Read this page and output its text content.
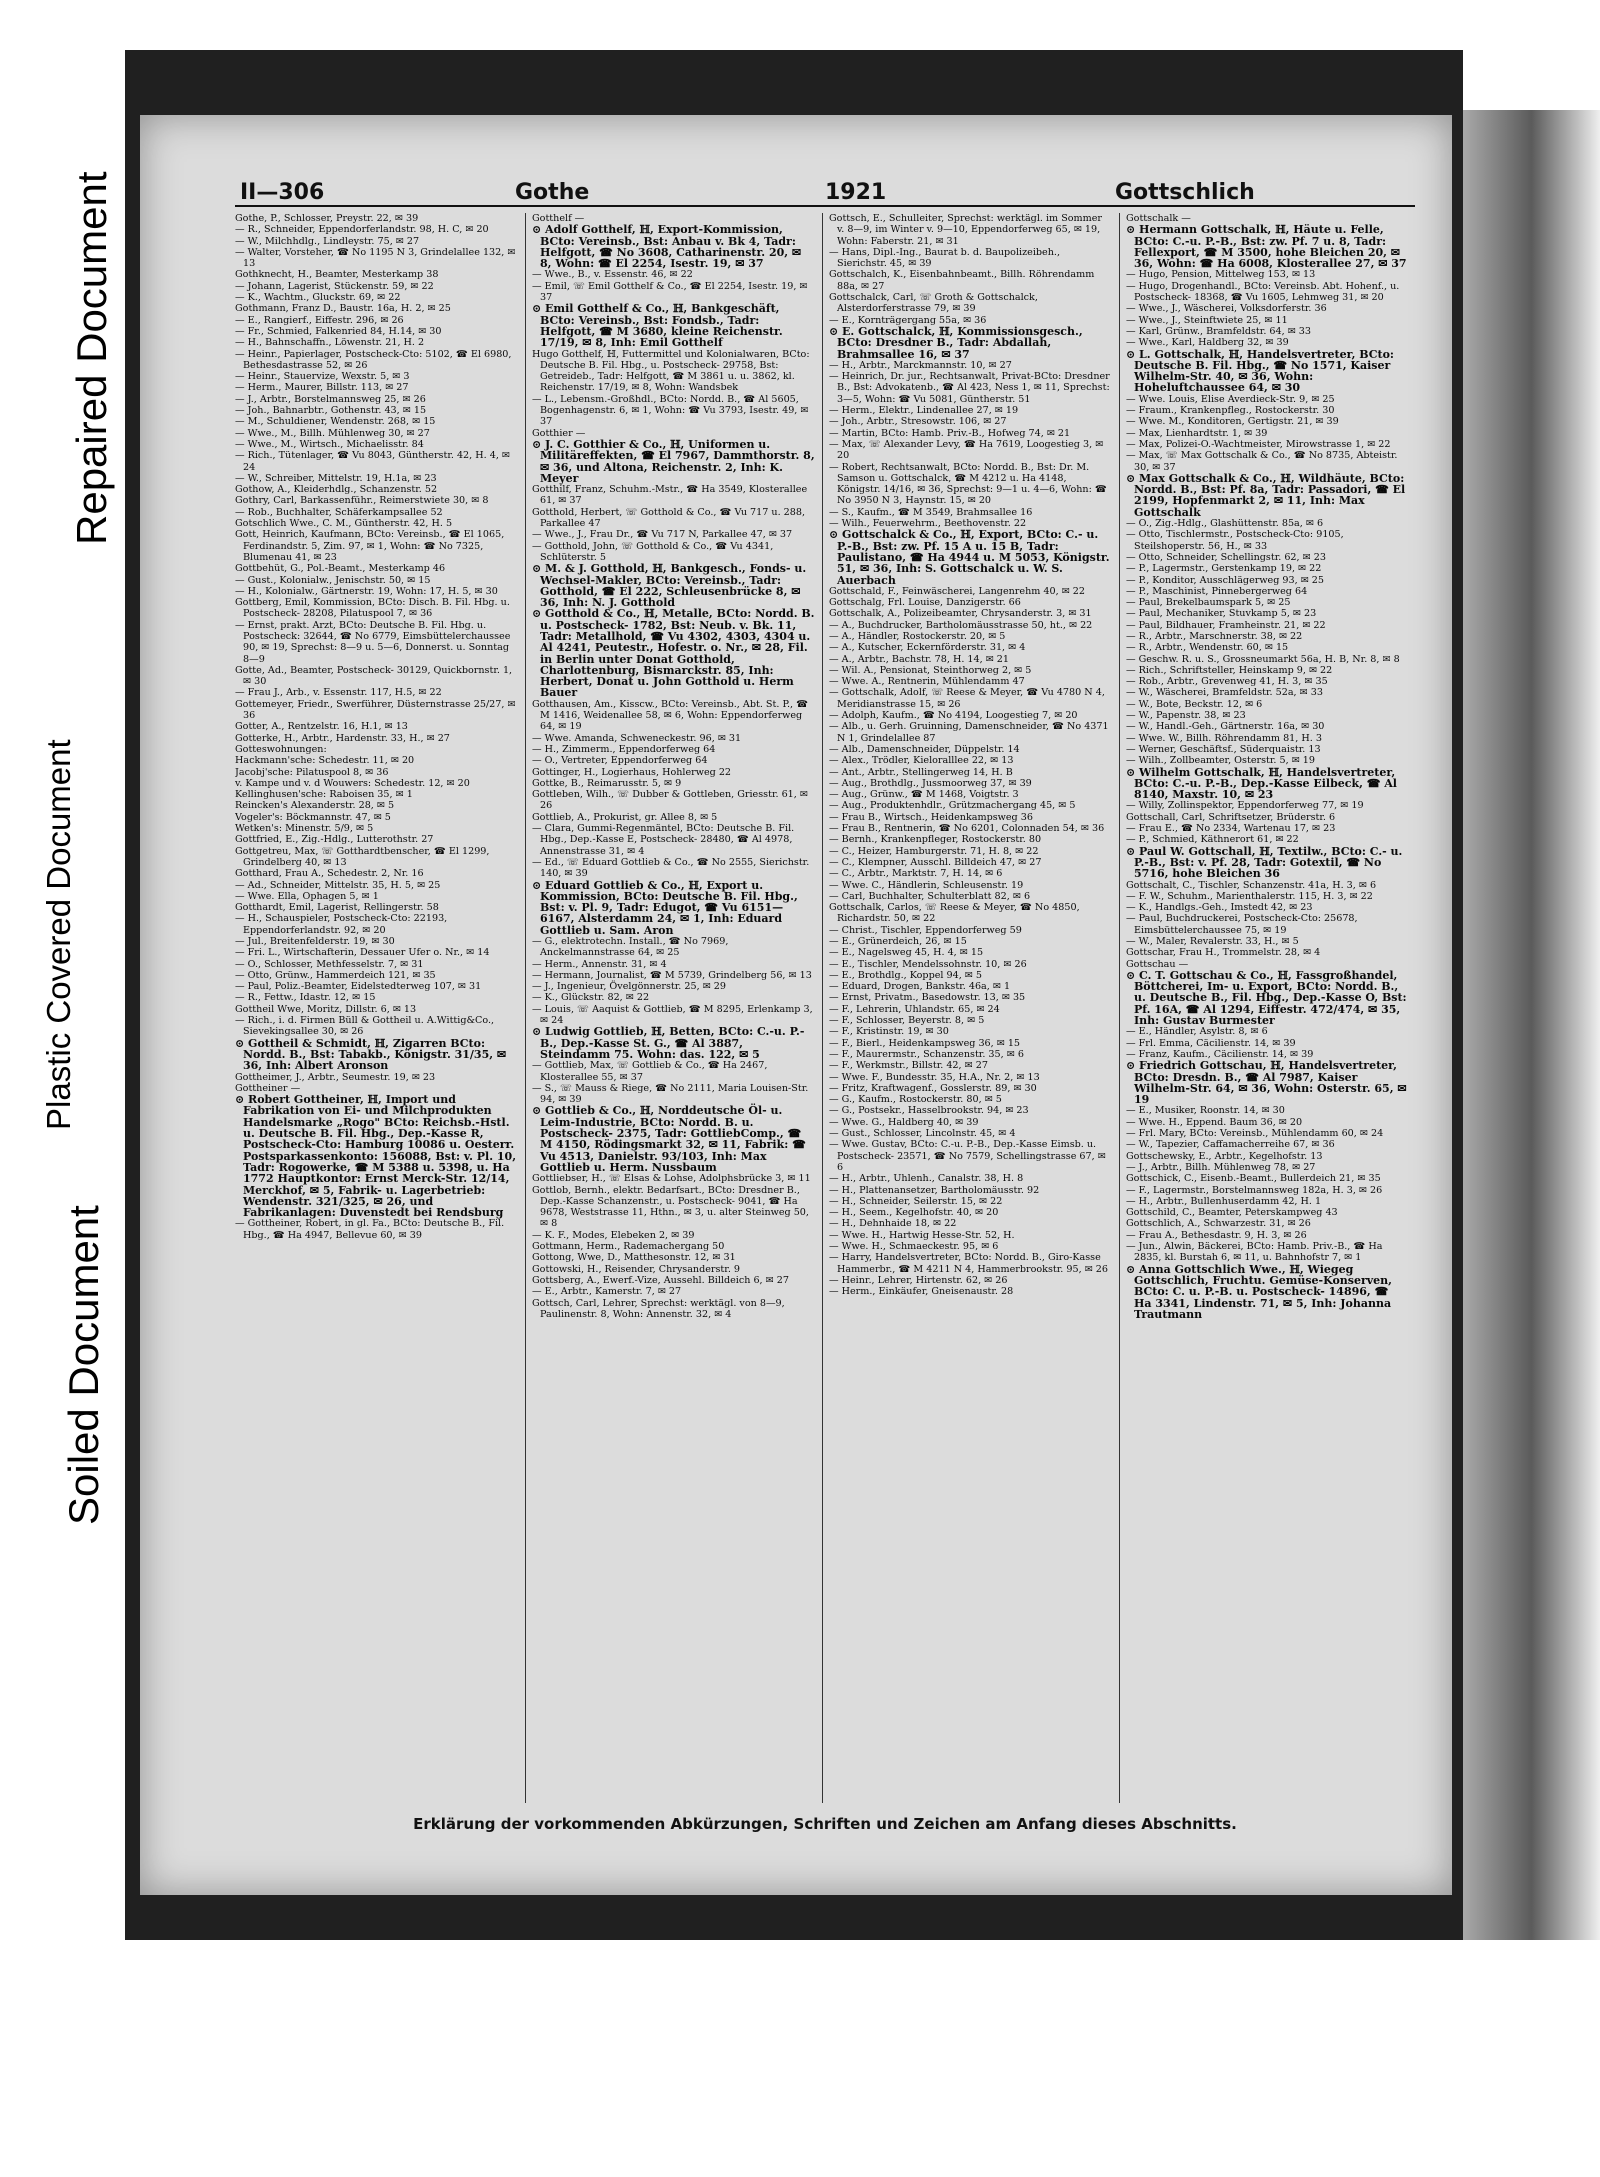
Repaired Document
Plastic Covered Document
Soiled Document
II—306	Gothe	1921	Gottschlich
Gothe, P., Schlosser, Preystr. 22, ✉ 39
— R., Schneider, Eppendorferlandstr. 98, H. C, ✉ 20
— W., Milchhdlg., Lindleystr. 75, ✉ 27
— Walter, Vorsteher, ☎ No 1195 N 3, Grindelallee 132, ✉ 13
Gothknecht, H., Beamter, Mesterkamp 38
— Johann, Lagerist, Stückenstr. 59, ✉ 22
— K., Wachtm., Gluckstr. 69, ✉ 22
Gothmann, Franz D., Baustr. 16a, H. 2, ✉ 25
— E., Rangierf., Eiffestr. 296, ✉ 26
— Fr., Schmied, Falkenried 84, H.14, ✉ 30
— H., Bahnschaffn., Löwenstr. 21, H. 2
— Heinr., Papierlager, Postscheck-Cto: 5102, ☎ El 6980, Bethesdastrasse 52, ✉ 26
— Heinr., Stauervize, Wexstr. 5, ✉ 3
— Herm., Maurer, Billstr. 113, ✉ 27
— J., Arbtr., Borstelmannsweg 25, ✉ 26
— Joh., Bahnarbtr., Gothenstr. 43, ✉ 15
— M., Schuldiener, Wendenstr. 268, ✉ 15
— Wwe., M., Billh. Mühlenweg 30, ✉ 27
— Wwe., M., Wirtsch., Michaelisstr. 84
— Rich., Tütenlager, ☎ Vu 8043, Güntherstr. 42, H. 4, ✉ 24
— W., Schreiber, Mittelstr. 19, H.1a, ✉ 23
Gothow, A., Kleiderhdlg., Schanzenstr. 52
Gothry, Carl, Barkassenführ., Reimerstwiete 30, ✉ 8
— Rob., Buchhalter, Schäferkampsallee 52
Gotschlich Wwe., C. M., Güntherstr. 42, H. 5
Gott, Heinrich, Kaufmann, BCto: Vereinsb., ☎ El 1065, Ferdinandstr. 5, Zim. 97, ✉ 1, Wohn: ☎ No 7325, Blumenau 41, ✉ 23
Gottbehüt, G., Pol.-Beamt., Mesterkamp 46
— Gust., Kolonialw., Jenischstr. 50, ✉ 15
— H., Kolonialw., Gärtnerstr. 19, Wohn: 17, H. 5, ✉ 30
Gottberg, Emil, Kommission, BCto: Disch. B. Fil. Hbg. u. Postscheck- 28208, Pilatuspool 7, ✉ 36
— Ernst, prakt. Arzt, BCto: Deutsche B. Fil. Hbg. u. Postscheck: 32644, ☎ No 6779, Eimsbüttelerchaussee 90, ✉ 19, Sprechst: 8—9 u. 5—6, Donnerst. u. Sonntag 8—9
Gotte, Ad., Beamter, Postscheck- 30129, Quickbornstr. 1, ✉ 30
— Frau J., Arb., v. Essenstr. 117, H.5, ✉ 22
Gottemeyer, Friedr., Swerführer, Düsternstrasse 25/27, ✉ 36
Gotter, A., Rentzelstr. 16, H.1, ✉ 13
Gotterke, H., Arbtr., Hardenstr. 33, H., ✉ 27
Gotteswohnungen:
Hackmann'sche: Schedestr. 11, ✉ 20
Jacobj'sche: Pilatuspool 8, ✉ 36
v. Kampe und v. d Wouwers: Schedestr. 12, ✉ 20
Kellinghusen'sche: Raboisen 35, ✉ 1
Reincken's Alexanderstr. 28, ✉ 5
Vogeler's: Böckmannstr. 47, ✉ 5
Wetken's: Minenstr. 5/9, ✉ 5
Gottfried, E., Zig.-Hdlg., Lutterothstr. 27
Gottgetreu, Max, ☏ Gotthardtbenscher, ☎ El 1299, Grindelberg 40, ✉ 13
Gotthard, Frau A., Schedestr. 2, Nr. 16
— Ad., Schneider, Mittelstr. 35, H. 5, ✉ 25
— Wwe. Ella, Ophagen 5, ✉ 1
Gotthardt, Emil, Lagerist, Rellingerstr. 58
— H., Schauspieler, Postscheck-Cto: 22193, Eppendorferlandstr. 92, ✉ 20
— Jul., Breitenfelderstr. 19, ✉ 30
— Fri. L., Wirtschafterin, Dessauer Ufer o. Nr., ✉ 14
— O., Schlosser, Methfesselstr. 7, ✉ 31
— Otto, Grünw., Hammerdeich 121, ✉ 35
— Paul, Poliz.-Beamter, Eidelstedterweg 107, ✉ 31
— R., Fettw., Idastr. 12, ✉ 15
Gottheil Wwe, Moritz, Dillstr. 6, ✉ 13
— Rich., i. d. Firmen Büll & Gottheil u. A.Wittig&Co., Sievekingsallee 30, ✉ 26
⊙ Gottheil & Schmidt, ℍ, Zigarren BCto: Nordd. B., Bst: Tabakb., Königstr. 31/35, ✉ 36, Inh: Albert Aronson
Gottheimer, J., Arbtr., Seumestr. 19, ✉ 23
Gottheiner —
⊙ Robert Gottheiner, ℍ, Import und Fabrikation von Ei- und Milchprodukten Handelsmarke „Rogo" BCto: Reichsb.-Hstl. u. Deutsche B. Fil. Hbg., Dep.-Kasse R, Postscheck-Cto: Hamburg 10086 u. Oesterr. Postsparkassenkonto: 156088, Bst: v. Pl. 10, Tadr: Rogowerke, ☎ M 5388 u. 5398, u. Ha 1772 Hauptkontor: Ernst Merck-Str. 12/14, Merckhof, ✉ 5, Fabrik- u. Lagerbetrieb: Wendenstr. 321/325, ✉ 26, und Fabrikanlagen: Duvenstedt bei Rendsburg
— Gottheiner, Robert, in gl. Fa., BCto: Deutsche B., Fil. Hbg., ☎ Ha 4947, Bellevue 60, ✉ 39
Gotthelf —
⊙ Adolf Gotthelf, ℍ, Export-Kommission, BCto: Vereinsb., Bst: Anbau v. Bk 4, Tadr: Helfgott, ☎ No 3608, Catharinenstr. 20, ✉ 8, Wohn: ☎ El 2254, Isestr. 19, ✉ 37
— Wwe., B., v. Essenstr. 46, ✉ 22
— Emil, ☏ Emil Gotthelf & Co., ☎ El 2254, Isestr. 19, ✉ 37
⊙ Emil Gotthelf & Co., ℍ, Bankgeschäft, BCto: Vereinsb., Bst: Fondsb., Tadr: Helfgott, ☎ M 3680, kleine Reichenstr. 17/19, ✉ 8, Inh: Emil Gotthelf
Hugo Gotthelf, ℍ, Futtermittel und Kolonialwaren, BCto: Deutsche B. Fil. Hbg., u. Postscheck- 29758, Bst: Getreideb., Tadr: Helfgott, ☎ M 3861 u. u. 3862, kl. Reichenstr. 17/19, ✉ 8, Wohn: Wandsbek
— L., Lebensm.-Großhdl., BCto: Nordd. B., ☎ Al 5605, Bogenhagenstr. 6, ✉ 1, Wohn: ☎ Vu 3793, Isestr. 49, ✉ 37
Gotthier —
⊙ J. C. Gotthier & Co., ℍ, Uniformen u. Militäreffekten, ☎ El 7967, Dammthorstr. 8, ✉ 36, und Altona, Reichenstr. 2, Inh: K. Meyer
Gotthilf, Franz, Schuhm.-Mstr., ☎ Ha 3549, Klosterallee 61, ✉ 37
Gotthold, Herbert, ☏ Gotthold & Co., ☎ Vu 717 u. 288, Parkallee 47
— Wwe., J., Frau Dr., ☎ Vu 717 N, Parkallee 47, ✉ 37
— Gotthold, John, ☏ Gotthold & Co., ☎ Vu 4341, Schlüterstr. 5
⊙ M. & J. Gotthold, ℍ, Bankgesch., Fonds- u. Wechsel-Makler, BCto: Vereinsb., Tadr: Gotthold, ☎ El 222, Schleusenbrücke 8, ✉ 36, Inh: N. J. Gotthold
⊙ Gotthold & Co., ℍ, Metalle, BCto: Nordd. B. u. Postscheck- 1782, Bst: Neub. v. Bk. 11, Tadr: Metallhold, ☎ Vu 4302, 4303, 4304 u. Al 4241, Peutestr., Hofestr. o. Nr., ✉ 28, Fil. in Berlin unter Donat Gotthold, Charlottenburg, Bismarckstr. 85, Inh: Herbert, Donat u. John Gotthold u. Herm Bauer
Gotthausen, Am., Kisscw., BCto: Vereinsb., Abt. St. P., ☎ M 1416, Weidenallee 58, ✉ 6, Wohn: Eppendorferweg 64, ✉ 19
— Wwe. Amanda, Schweneckestr. 96, ✉ 31
— H., Zimmerm., Eppendorferweg 64
— O., Vertreter, Eppendorferweg 64
Gottinger, H., Logierhaus, Hohlerweg 22
Gottke, B., Reimarusstr. 5, ✉ 9
Gottleben, Wilh., ☏ Dubber & Gottleben, Griesstr. 61, ✉ 26
Gottlieb, A., Prokurist, gr. Allee 8, ✉ 5
— Clara, Gummi-Regenmäntel, BCto: Deutsche B. Fil. Hbg., Dep.-Kasse E, Postscheck- 28480, ☎ Al 4978, Annenstrasse 31, ✉ 4
— Ed., ☏ Eduard Gottlieb & Co., ☎ No 2555, Sierichstr. 140, ✉ 39
⊙ Eduard Gottlieb & Co., ℍ, Export u. Kommission, BCto: Deutsche B. Fil. Hbg., Bst: v. Pl. 9, Tadr: Edugot, ☎ Vu 6151—6167, Alsterdamm 24, ✉ 1, Inh: Eduard Gottlieb u. Sam. Aron
— G., elektrotechn. Install., ☎ No 7969, Anckelmannstrasse 64, ✉ 25
— Herm., Annenstr. 31, ✉ 4
— Hermann, Journalist, ☎ M 5739, Grindelberg 56, ✉ 13
— J., Ingenieur, Övelgönnerstr. 25, ✉ 29
— K., Glückstr. 82, ✉ 22
— Louis, ☏ Aaquist & Gottlieb, ☎ M 8295, Erlenkamp 3, ✉ 24
⊙ Ludwig Gottlieb, ℍ, Betten, BCto: C.-u. P.-B., Dep.-Kasse St. G., ☎ Al 3887, Steindamm 75. Wohn: das. 122, ✉ 5
— Gottlieb, Max, ☏ Gottlieb & Co., ☎ Ha 2467, Klosterallee 55, ✉ 37
— S., ☏ Mauss & Riege, ☎ No 2111, Maria Louisen-Str. 94, ✉ 39
⊙ Gottlieb & Co., ℍ, Norddeutsche Öl- u. Leim-Industrie, BCto: Nordd. B. u. Postscheck- 2375, Tadr: GottliebComp., ☎ M 4150, Rödingsmarkt 32, ✉ 11, Fabrik: ☎ Vu 4513, Danielstr. 93/103, Inh: Max Gottlieb u. Herm. Nussbaum
Gottliebser, H., ☏ Elsas & Lohse, Adolphsbrücke 3, ✉ 11
Gottlob, Bernh., elektr. Bedarfsart., BCto: Dresdner B., Dep.-Kasse Schanzenstr., u. Postscheck- 9041, ☎ Ha 9678, Weststrasse 11, Hthn., ✉ 3, u. alter Steinweg 50, ✉ 8
— K. F., Modes, Elebeken 2, ✉ 39
Gottmann, Herm., Rademachergang 50
Gottong, Wwe, D., Matthesonstr. 12, ✉ 31
Gottowski, H., Reisender, Chrysanderstr. 9
Gottsberg, A., Ewerf.-Vize, Aussehl. Billdeich 6, ✉ 27
— E., Arbtr., Kamerstr. 7, ✉ 27
Gottsch, Carl, Lehrer, Sprechst: werktägl. von 8—9, Paulinenstr. 8, Wohn: Annenstr. 32, ✉ 4
Gottsch, E., Schulleiter, Sprechst: werktägl. im Sommer v. 8—9, im Winter v. 9—10, Eppendorferweg 65, ✉ 19, Wohn: Faberstr. 21, ✉ 31
— Hans, Dipl.-Ing., Baurat b. d. Baupolizeibeh., Sierichstr. 45, ✉ 39
Gottschalch, K., Eisenbahnbeamt., Billh. Röhrendamm 88a, ✉ 27
Gottschalck, Carl, ☏ Groth & Gottschalck, Alsterdorferstrasse 79, ✉ 39
— E., Kornträgergang 55a, ✉ 36
⊙ E. Gottschalck, ℍ, Kommissionsgesch., BCto: Dresdner B., Tadr: Abdallah, Brahmsallee 16, ✉ 37
— H., Arbtr., Marckmannstr. 10, ✉ 27
— Heinrich, Dr. jur., Rechtsanwalt, Privat-BCto: Dresdner B., Bst: Advokatenb., ☎ Al 423, Ness 1, ✉ 11, Sprechst: 3—5, Wohn: ☎ Vu 5081, Güntherstr. 51
— Herm., Elektr., Lindenallee 27, ✉ 19
— Joh., Arbtr., Stresowstr. 106, ✉ 27
— Martin, BCto: Hamb. Priv.-B., Hofweg 74, ✉ 21
— Max, ☏ Alexander Levy, ☎ Ha 7619, Loogestieg 3, ✉ 20
— Robert, Rechtsanwalt, BCto: Nordd. B., Bst: Dr. M. Samson u. Gottschalck, ☎ M 4212 u. Ha 4148, Königstr. 14/16, ✉ 36, Sprechst: 9—1 u. 4—6, Wohn: ☎ No 3950 N 3, Haynstr. 15, ✉ 20
— S., Kaufm., ☎ M 3549, Brahmsallee 16
— Wilh., Feuerwehrm., Beethovenstr. 22
⊙ Gottschalck & Co., ℍ, Export, BCto: C.- u. P.-B., Bst: zw. Pf. 15 A u. 15 B, Tadr: Paulistano, ☎ Ha 4944 u. M 5053, Königstr. 51, ✉ 36, Inh: S. Gottschalck u. W. S. Auerbach
Gottschald, F., Feinwäscherei, Langenrehm 40, ✉ 22
Gottschalg, Frl. Louise, Danzigerstr. 66
Gottschalk, A., Polizeibeamter, Chrysanderstr. 3, ✉ 31
— A., Buchdrucker, Bartholomäusstrasse 50, ht., ✉ 22
— A., Händler, Rostockerstr. 20, ✉ 5
— A., Kutscher, Eckernförderstr. 31, ✉ 4
— A., Arbtr., Bachstr. 78, H. 14, ✉ 21
— Wil. A., Pensionat, Steinthorweg 2, ✉ 5
— Wwe. A., Rentnerin, Mühlendamm 47
— Gottschalk, Adolf, ☏ Reese & Meyer, ☎ Vu 4780 N 4, Meridianstrasse 15, ✉ 26
— Adolph, Kaufm., ☎ No 4194, Loogestieg 7, ✉ 20
— Alb., u. Gerh. Gruinning, Damenschneider, ☎ No 4371 N 1, Grindelallee 87
— Alb., Damenschneider, Düppelstr. 14
— Alex., Trödler, Kieloralllee 22, ✉ 13
— Ant., Arbtr., Stellingerweg 14, H. B
— Aug., Brothdlg., Jussmoorweg 37, ✉ 39
— Aug., Grünw., ☎ M 1468, Voigtstr. 3
— Aug., Produktenhdlr., Grützmachergang 45, ✉ 5
— Frau B., Wirtsch., Heidenkampsweg 36
— Frau B., Rentnerin, ☎ No 6201, Colonnaden 54, ✉ 36
— Bernh., Krankenpfleger, Rostockerstr. 80
— C., Heizer, Hamburgerstr. 71, H. 8, ✉ 22
— C., Klempner, Ausschl. Billdeich 47, ✉ 27
— C., Arbtr., Marktstr. 7, H. 14, ✉ 6
— Wwe. C., Händlerin, Schleusenstr. 19
— Carl, Buchhalter, Schulterblatt 82, ✉ 6
Gottschalk, Carlos, ☏ Reese & Meyer, ☎ No 4850, Richardstr. 50, ✉ 22
— Christ., Tischler, Eppendorferweg 59
— E., Grünerdeich, 26, ✉ 15
— E., Nagelsweg 45, H. 4, ✉ 15
— E., Tischler, Mendelssohnstr. 10, ✉ 26
— E., Brothdlg., Koppel 94, ✉ 5
— Eduard, Drogen, Bankstr. 46a, ✉ 1
— Ernst, Privatm., Basedowstr. 13, ✉ 35
— F., Lehrerin, Uhlandstr. 65, ✉ 24
— F., Schlosser, Beyerstr. 8, ✉ 5
— F., Kristinstr. 19, ✉ 30
— F., Bierl., Heidenkampsweg 36, ✉ 15
— F., Maurermstr., Schanzenstr. 35, ✉ 6
— F., Werkmstr., Billstr. 42, ✉ 27
— Wwe. F., Bundesstr. 35, H.A., Nr. 2, ✉ 13
— Fritz, Kraftwagenf., Gosslerstr. 89, ✉ 30
— G., Kaufm., Rostockerstr. 80, ✉ 5
— G., Postsekr., Hasselbrookstr. 94, ✉ 23
— Wwe. G., Haldberg 40, ✉ 39
— Gust., Schlosser, Lincolnstr. 45, ✉ 4
— Wwe. Gustav, BCto: C.-u. P.-B., Dep.-Kasse Eimsb. u. Postscheck- 23571, ☎ No 7579, Schellingstrasse 67, ✉ 6
— H., Arbtr., Uhlenh., Canalstr. 38, H. 8
— H., Plattenansetzer, Bartholomäusstr. 92
— H., Schneider, Seilerstr. 15, ✉ 22
— H., Seem., Kegelhofstr. 40, ✉ 20
— H., Dehnhaide 18, ✉ 22
— Wwe. H., Hartwig Hesse-Str. 52, H.
— Wwe. H., Schmaeckestr. 95, ✉ 6
— Harry, Handelsvertreter, BCto: Nordd. B., Giro-Kasse Hammerbr., ☎ M 4211 N 4, Hammerbrookstr. 95, ✉ 26
— Heinr., Lehrer, Hirtenstr. 62, ✉ 26
— Herm., Einkäufer, Gneisenaustr. 28
Gottschalk —
⊙ Hermann Gottschalk, ℍ, Häute u. Felle, BCto: C.-u. P.-B., Bst: zw. Pf. 7 u. 8, Tadr: Fellexport, ☎ M 3500, hohe Bleichen 20, ✉ 36, Wohn: ☎ Ha 6008, Klosterallee 27, ✉ 37
— Hugo, Pension, Mittelweg 153, ✉ 13
— Hugo, Drogenhandl., BCto: Vereinsb. Abt. Hohenf., u. Postscheck- 18368, ☎ Vu 1605, Lehmweg 31, ✉ 20
— Wwe., J., Wäscherei, Volksdorferstr. 36
— Wwe., J., Steinftwiete 25, ✉ 11
— Karl, Grünw., Bramfeldstr. 64, ✉ 33
— Wwe., Karl, Haldberg 32, ✉ 39
⊙ L. Gottschalk, ℍ, Handelsvertreter, BCto: Deutsche B. Fil. Hbg., ☎ No 1571, Kaiser Wilhelm-Str. 40, ✉ 36, Wohn: Hoheluftchaussee 64, ✉ 30
— Wwe. Louis, Elise Averdieck-Str. 9, ✉ 25
— Fraum., Krankenpfleg., Rostockerstr. 30
— Wwe. M., Konditoren, Gertigstr. 21, ✉ 39
— Max, Lienhardtstr. 1, ✉ 39
— Max, Polizei-O.-Wachtmeister, Mirowstrasse 1, ✉ 22
— Max, ☏ Max Gottschalk & Co., ☎ No 8735, Abteistr. 30, ✉ 37
⊙ Max Gottschalk & Co., ℍ, Wildhäute, BCto: Nordd. B., Bst: Pf. 8a, Tadr: Passadori, ☎ El 2199, Hopfenmarkt 2, ✉ 11, Inh: Max Gottschalk
— O., Zig.-Hdlg., Glashüttenstr. 85a, ✉ 6
— Otto, Tischlermstr., Postscheck-Cto: 9105, Steilshoperstr. 56, H., ✉ 33
— Otto, Schneider, Schellingstr. 62, ✉ 23
— P., Lagermstr., Gerstenkamp 19, ✉ 22
— P., Konditor, Ausschlägerweg 93, ✉ 25
— P., Maschinist, Pinnebergerweg 64
— Paul, Brekelbaumspark 5, ✉ 25
— Paul, Mechaniker, Stuvkamp 5, ✉ 23
— Paul, Bildhauer, Framheinstr. 21, ✉ 22
— R., Arbtr., Marschnerstr. 38, ✉ 22
— R., Arbtr., Wendenstr. 60, ✉ 15
— Geschw. R. u. S., Grossneumarkt 56a, H. B, Nr. 8, ✉ 8
— Rich., Schriftsteller, Heinskamp 9, ✉ 22
— Rob., Arbtr., Grevenweg 41, H. 3, ✉ 35
— W., Wäscherei, Bramfeldstr. 52a, ✉ 33
— W., Bote, Beckstr. 12, ✉ 6
— W., Papenstr. 38, ✉ 23
— W., Handl.-Geh., Gärtnerstr. 16a, ✉ 30
— Wwe. W., Billh. Röhrendamm 81, H. 3
— Werner, Geschäftsf., Süderquaistr. 13
— Wilh., Zollbeamter, Osterstr. 5, ✉ 19
⊙ Wilhelm Gottschalk, ℍ, Handelsvertreter, BCto: C.-u. P.-B., Dep.-Kasse Eilbeck, ☎ Al 8140, Maxstr. 10, ✉ 23
— Willy, Zollinspektor, Eppendorferweg 77, ✉ 19
Gottschall, Carl, Schriftsetzer, Brüderstr. 6
— Frau E., ☎ No 2334, Wartenau 17, ✉ 23
— P., Schmied, Käthnerort 61, ✉ 22
⊙ Paul W. Gottschall, ℍ, Textilw., BCto: C.- u. P.-B., Bst: v. Pf. 28, Tadr: Gotextil, ☎ No 5716, hohe Bleichen 36
Gottschalt, C., Tischler, Schanzenstr. 41a, H. 3, ✉ 6
— F. W., Schuhm., Marienthalerstr. 115, H. 3, ✉ 22
— K., Handlgs.-Geh., Imstedt 42, ✉ 23
— Paul, Buchdruckerei, Postscheck-Cto: 25678, Eimsbüttelerchaussee 75, ✉ 19
— W., Maler, Revalerstr. 33, H., ✉ 5
Gottschar, Frau H., Trommelstr. 28, ✉ 4
Gottschau —
⊙ C. T. Gottschau & Co., ℍ, Fassgroßhandel, Böttcherei, Im- u. Export, BCto: Nordd. B., u. Deutsche B., Fil. Hbg., Dep.-Kasse O, Bst: Pf. 16A, ☎ Al 1294, Eiffestr. 472/474, ✉ 35, Inh: Gustav Burmester
— E., Händler, Asylstr. 8, ✉ 6
— Frl. Emma, Cäcilienstr. 14, ✉ 39
— Franz, Kaufm., Cäcilienstr. 14, ✉ 39
⊙ Friedrich Gottschau, ℍ, Handelsvertreter, BCto: Dresdn. B., ☎ Al 7987, Kaiser Wilhelm-Str. 64, ✉ 36, Wohn: Osterstr. 65, ✉ 19
— E., Musiker, Roonstr. 14, ✉ 30
— Wwe. H., Eppend. Baum 36, ✉ 20
— Frl. Mary, BCto: Vereinsb., Mühlendamm 60, ✉ 24
— W., Tapezier, Caffamacherreihe 67, ✉ 36
Gottschewsky, E., Arbtr., Kegelhofstr. 13
— J., Arbtr., Billh. Mühlenweg 78, ✉ 27
Gottschick, C., Eisenb.-Beamt., Bullerdeich 21, ✉ 35
— F., Lagermstr., Borstelmannsweg 182a, H. 3, ✉ 26
— H., Arbtr., Bullenhuserdamm 42, H. 1
Gottschild, C., Beamter, Peterskampweg 43
Gottschlich, A., Schwarzestr. 31, ✉ 26
— Frau A., Bethesdastr. 9, H. 3, ✉ 26
— Jun., Alwin, Bäckerei, BCto: Hamb. Priv.-B., ☎ Ha 2835, kl. Burstah 6, ✉ 11, u. Bahnhofstr 7, ✉ 1
⊙ Anna Gottschlich Wwe., ℍ, Wiegeg Gottschlich, Fruchtu. Gemüse-Konserven, BCto: C. u. P.-B. u. Postscheck- 14896, ☎ Ha 3341, Lindenstr. 71, ✉ 5, Inh: Johanna Trautmann
Erklärung der vorkommenden Abkürzungen, Schriften und Zeichen am Anfang dieses Abschnitts.
